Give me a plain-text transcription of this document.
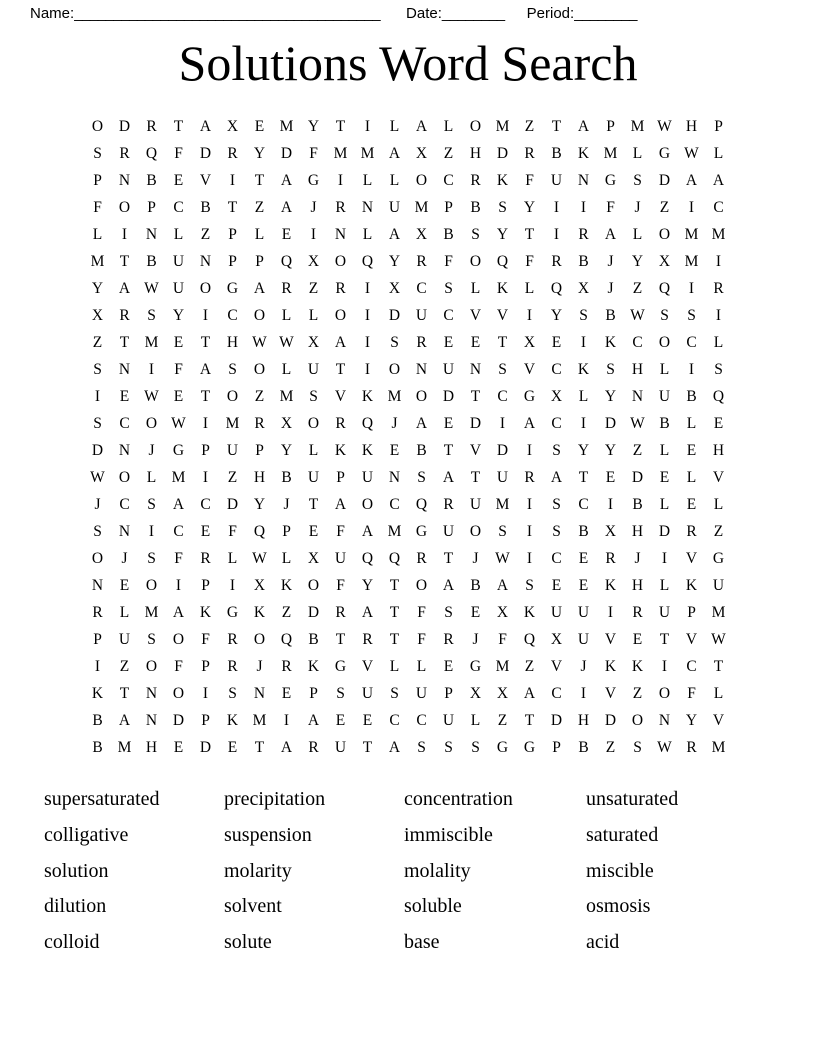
Name:_______________________________________ Date:________ Period:________
Solutions Word Search
O	D	R	T	A	X	E M Y	T	I	L	A	L	O M Z	T	A	P	M W H	P
S	R	Q	F	D	R	Y	D	F	M M A	X	Z	H	D	R	B	K M L	G W L
P	N	B	E	V	I	T	A	G	I	L	L	O	C	R	K	F	U	N	G	S	D	A	A
F	O	P	C	B	T	Z	A	J	R	N	U M	P	B	S	Y	I	I	F	J	Z	I	C
L	I	N	L	Z	P	L	E	I	N	L	A	X	B	S	Y	T	I	R	A	L	O M M
M T	B	U	N	P	P	Q	X	O	Q	Y	R	F	O	Q	F	R	B	J	Y	X M	I
Y	A W U	O	G	A	R	Z	R	I	X	C	S	L	K	L	Q	X	J	Z	Q	I	R
X	R	S	Y	I	C	O	L	L	O	I	D	U	C	V	V	I	Y	S	B W S	S	I
Z	T M E	T	H W W X	A	I	S	R	E	E	T	X	E	I	K	C	O	C	L
S	N	I	F	A	S	O	L	U	T	I	O	N	U	N	S	V	C	K	S	H	L	I	S
I	E W E	T	O	Z M	S	V	K M O	D	T	C	G	X	L	Y	N	U	B	Q
S	C	O W	I	M R	X	O	R	Q	J	A	E	D	I	A	C	I	D W B	L	E
D	N	J	G	P	U	P	Y	L	K	K	E	B	T	V	D	I	S	Y	Y	Z	L	E	H
W O	L M	I	Z	H	B	U	P	U	N	S	A	T	U	R	A	T	E	D	E	L	V
J	C	S	A	C	D	Y	J	T	A	O	C	Q	R	U M	I	S	C	I	B	L	E	L
S	N	I	C	E	F	Q	P	E	F	A M G	U	O	S	I	S	B	X	H	D	R	Z
O	J	S	F	R	L W L	X	U	Q	Q	R	T	J	W	I	C	E	R	J	I	V	G
N	E	O	I	P	I	X	K	O	F	Y	T	O	A	B	A	S	E	E	K	H	L	K	U
R	L M A	K	G	K	Z	D	R	A	T	F	S	E	X	K	U	U	I	R	U	P	M
P	U	S	O	F	R	O	Q	B	T	R	T	F	R	J	F	Q	X	U	V	E	T	V W
I	Z	O	F	P	R	J	R	K	G	V	L	L	E	G M Z	V	J	K	K	I	C	T
K	T	N	O	I	S	N	E	P	S	U	S	U	P	X	X	A	C	I	V	Z	O	F	L
B	A	N	D	P	K M	I	A	E	E	C	C	U	L	Z	T	D	H	D	O	N	Y	V
B M H	E	D	E	T	A	R	U	T	A	S	S	S	G	G	P	B	Z	S W R M
supersaturated
colligative
solution
dilution
colloid
precipitation
suspension
molarity
solvent
solute
concentration
immiscible
molality
soluble
base
unsaturated
saturated
miscible
osmosis
acid
